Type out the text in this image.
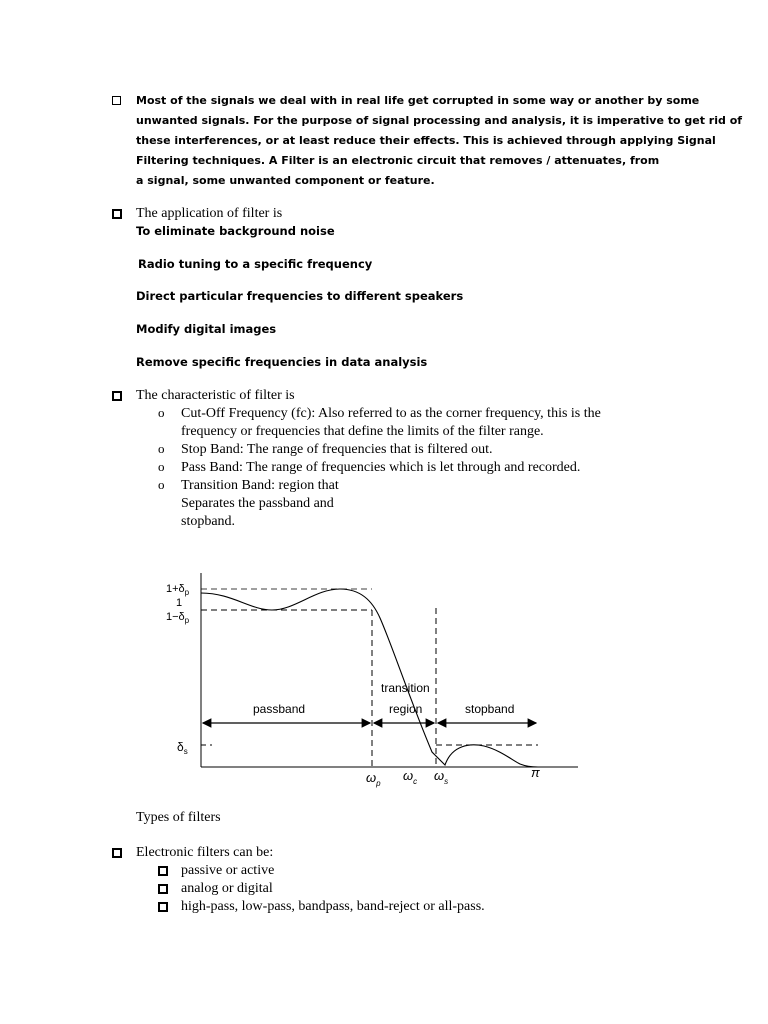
Most of the signals we deal with in real life get corrupted in some way or another by some
unwanted signals. For the purpose of signal processing and analysis, it is imperative to get rid of
these interferences, or at least reduce their effects. This is achieved through applying Signal
Filtering techniques. A Filter is an electronic circuit that removes / attenuates, from
a signal, some unwanted component or feature.
The application of filter is
To eliminate background noise
Radio tuning to a specific frequency
Direct particular frequencies to different speakers
Modify digital images
Remove specific frequencies in data analysis
The characteristic of filter is
o Cut-Off Frequency (fc): Also referred to as the corner frequency, this is the
frequency or frequencies that define the limits of the filter range.
o Stop Band: The range of frequencies that is filtered out.
o Pass Band: The range of frequencies which is let through and recorded.
o Transition Band: region that
Separates the passband and
stopband.
$1+\delta_p$
1
$1-\delta_p$
$\delta_s$
passband
transition
region	stopband
$\omega_p$
$\omega_c$ $\omega_s$
π
Types of filters
Electronic filters can be:
passive or active
analog or digital
high-pass, low-pass, bandpass, band-reject or all-pass.
